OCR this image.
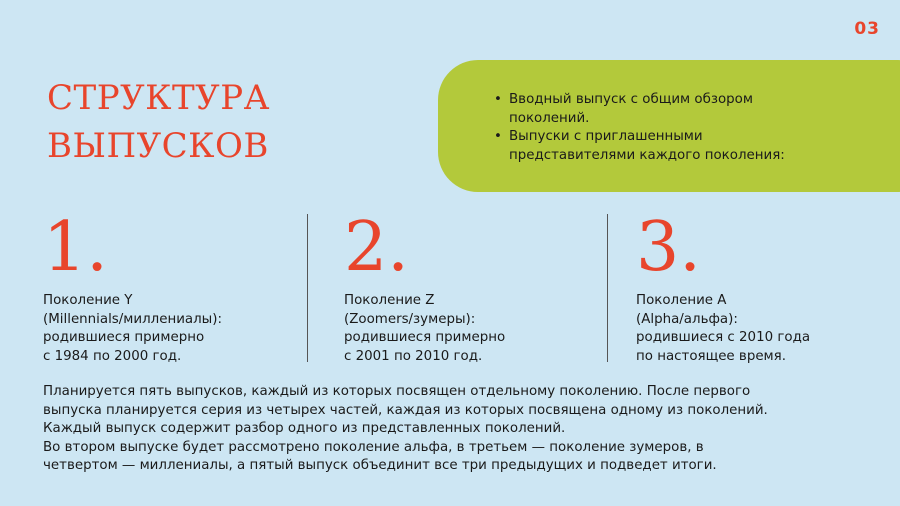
03
СТРУКТУРА
ВЫПУСКОВ
• Вводный выпуск с общим обзором поколений.
• Выпуски с приглашенными представителями каждого поколения:
1.
Поколение Y
(Millennials/миллениалы):
родившиеся примерно
с 1984 по 2000 год.
2.
Поколение Z
(Zoomers/зумеры):
родившиеся примерно
с 2001 по 2010 год.
3.
Поколение A
(Alpha/альфа):
родившиеся с 2010 года
по настоящее время.
Планируется пять выпусков, каждый из которых посвящен отдельному поколению. После первого
выпуска планируется серия из четырех частей, каждая из которых посвящена одному из поколений.
Каждый выпуск содержит разбор одного из представленных поколений.
Во втором выпуске будет рассмотрено поколение альфа, в третьем — поколение зумеров, в
четвертом — миллениалы, а пятый выпуск объединит все три предыдущих и подведет итоги.
